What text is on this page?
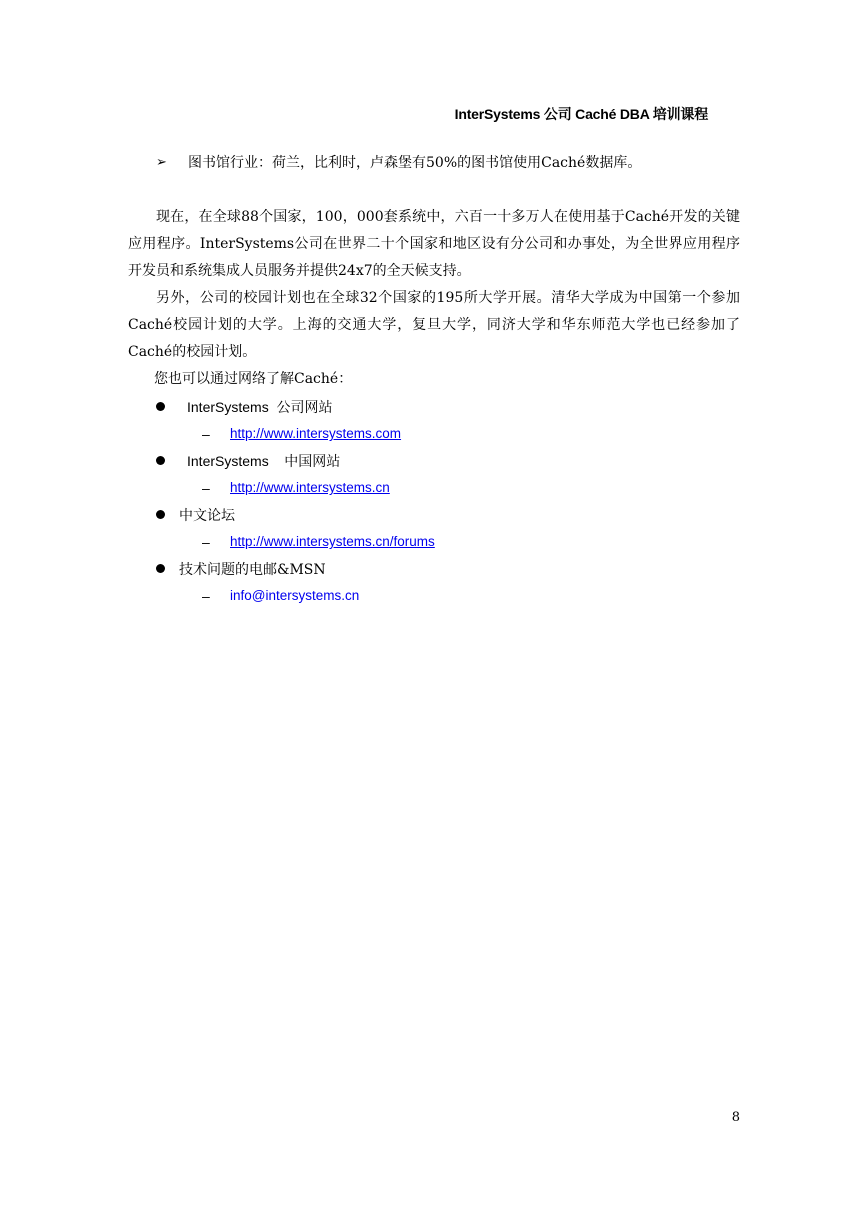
InterSystems 公司 Caché DBA 培训课程
➢	图书馆行业：荷兰，比利时，卢森堡有50%的图书馆使用Caché数据库。

现在，在全球88个国家，100，000套系统中，六百一十多万人在使用基于Caché开发的关键应用程序。InterSystems公司在世界二十个国家和地区设有分公司和办事处，为全世界应用程序开发员和系统集成人员服务并提供24x7的全天候支持。

另外，公司的校园计划也在全球32个国家的195所大学开展。清华大学成为中国第一个参加Caché校园计划的大学。上海的交通大学，复旦大学，同济大学和华东师范大学也已经参加了Caché的校园计划。

您也可以通过网络了解Caché：

InterSystems  公司网站
–	http://www.intersystems.com
InterSystems    中国网站
–	http://www.intersystems.cn
中文论坛
–	http://www.intersystems.cn/forums
技术问题的电邮&MSN
–	info@intersystems.cn
8
